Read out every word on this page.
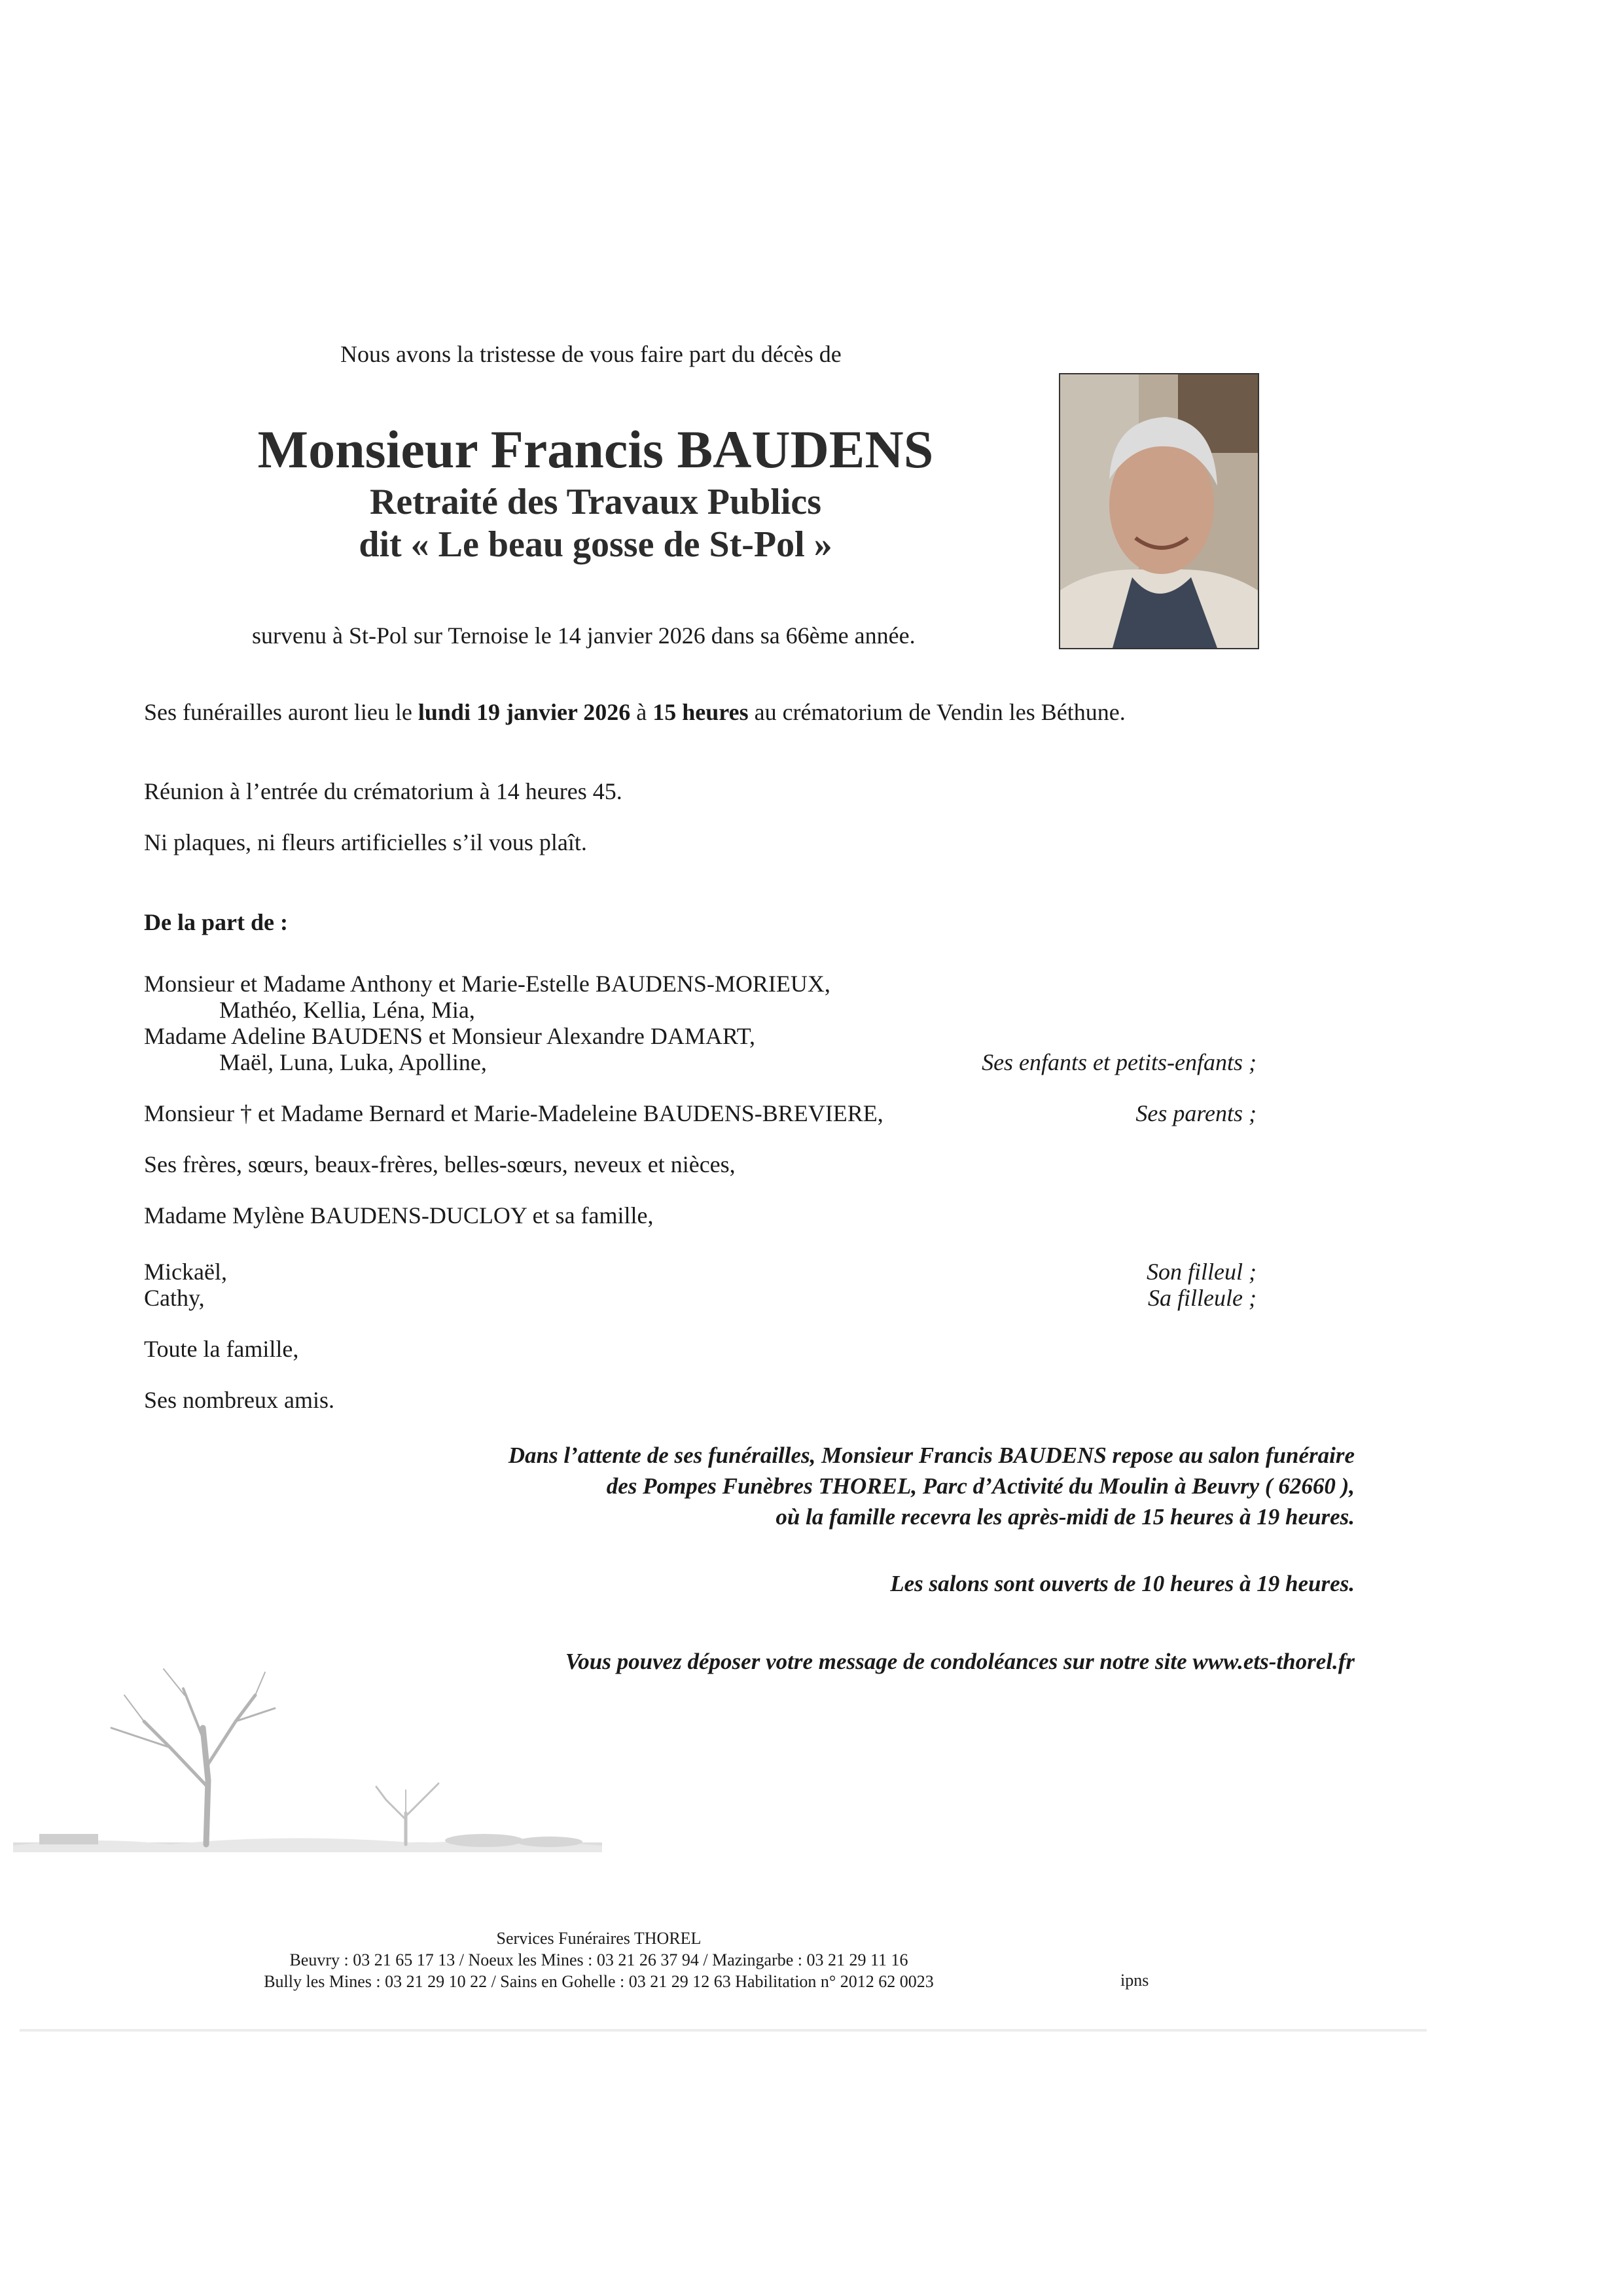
Nous avons la tristesse de vous faire part du décès de
Monsieur Francis BAUDENS
Retraité des Travaux Publics
dit « Le beau gosse de St-Pol »
survenu à St-Pol sur Ternoise le 14 janvier 2026 dans sa 66ème année.
Ses funérailles auront lieu le lundi 19 janvier 2026 à 15 heures au crématorium de Vendin les Béthune.
Réunion à l’entrée du crématorium à 14 heures 45.
Ni plaques, ni fleurs artificielles s’il vous plaît.
De la part de :
Monsieur et Madame Anthony et Marie-Estelle BAUDENS-MORIEUX,
Mathéo, Kellia, Léna, Mia,
Madame Adeline BAUDENS et Monsieur Alexandre DAMART,
Maël, Luna, Luka, Apolline,	Ses enfants et petits-enfants ;
Monsieur † et Madame Bernard et Marie-Madeleine BAUDENS-BREVIERE,	Ses parents ;
Ses frères, sœurs, beaux-frères, belles-sœurs, neveux et nièces,
Madame Mylène BAUDENS-DUCLOY et sa famille,
Mickaël,	Son filleul ;
Cathy,	Sa filleule ;
Toute la famille,
Ses nombreux amis.
Dans l’attente de ses funérailles, Monsieur Francis BAUDENS repose au salon funéraire
des Pompes Funèbres THOREL, Parc d’Activité du Moulin à Beuvry ( 62660 ),
où la famille recevra les après-midi de 15 heures à 19 heures.
Les salons sont ouverts de 10 heures à 19 heures.
Vous pouvez déposer votre message de condoléances sur notre site www.ets-thorel.fr
Services Funéraires THOREL
Beuvry : 03 21 65 17 13 / Noeux les Mines : 03 21 26 37 94 / Mazingarbe : 03 21 29 11 16
Bully les Mines : 03 21 29 10 22 / Sains en Gohelle : 03 21 29 12 63 Habilitation n° 2012 62 0023	ipns
